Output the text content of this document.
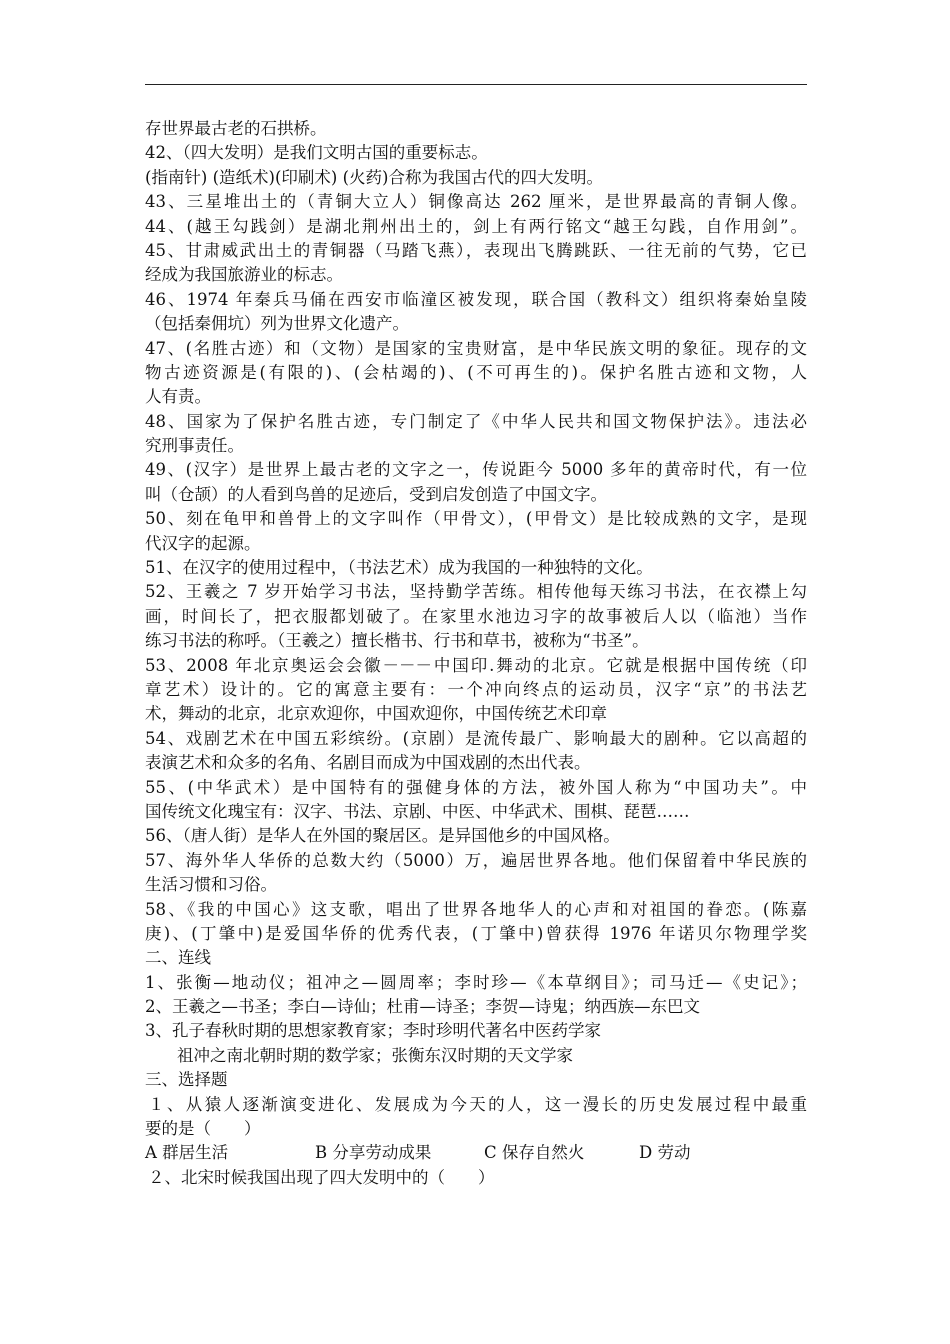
存世界最古老的石拱桥。
42、（四大发明）是我们文明古国的重要标志。
(指南针) (造纸术)(印刷术) (火药)合称为我国古代的四大发明。
43、三星堆出土的（青铜大立人）铜像高达 262 厘米，是世界最高的青铜人像。
44、(越王勾践剑）是湖北荆州出土的，剑上有两行铭文“越王勾践，自作用剑”。
45、甘肃威武出土的青铜器（马踏飞燕），表现出飞腾跳跃、一往无前的气势，它已
经成为我国旅游业的标志。
46、1974 年秦兵马俑在西安市临潼区被发现，联合国（教科文）组织将秦始皇陵
（包括秦佣坑）列为世界文化遗产。
47、(名胜古迹）和（文物）是国家的宝贵财富，是中华民族文明的象征。现存的文
物古迹资源是(有限的)、(会枯竭的)、(不可再生的)。保护名胜古迹和文物，人
人有责。
48、国家为了保护名胜古迹，专门制定了《中华人民共和国文物保护法》。违法必
究刑事责任。
49、(汉字）是世界上最古老的文字之一，传说距今 5000 多年的黄帝时代，有一位
叫（仓颉）的人看到鸟兽的足迹后，受到启发创造了中国文字。
50、刻在龟甲和兽骨上的文字叫作（甲骨文），(甲骨文）是比较成熟的文字，是现
代汉字的起源。
51、在汉字的使用过程中，（书法艺术）成为我国的一种独特的文化。
52、王羲之 7 岁开始学习书法，坚持勤学苦练。相传他每天练习书法，在衣襟上勾
画，时间长了，把衣服都划破了。在家里水池边习字的故事被后人以（临池）当作
练习书法的称呼。（王羲之）擅长楷书、行书和草书，被称为“书圣”。
53、2008 年北京奥运会会徽－－－中国印.舞动的北京。它就是根据中国传统（印
章艺术）设计的。它的寓意主要有：一个冲向终点的运动员，汉字“京”的书法艺
术，舞动的北京，北京欢迎你，中国欢迎你，中国传统艺术印章
54、戏剧艺术在中国五彩缤纷。(京剧）是流传最广、影响最大的剧种。它以高超的
表演艺术和众多的名角、名剧目而成为中国戏剧的杰出代表。
55、(中华武术）是中国特有的强健身体的方法，被外国人称为“中国功夫”。中
国传统文化瑰宝有：汉字、书法、京剧、中医、中华武术、围棋、琵琶……
56、（唐人街）是华人在外国的聚居区。是异国他乡的中国风格。
57、海外华人华侨的总数大约（5000）万，遍居世界各地。他们保留着中华民族的
生活习惯和习俗。
58、《我的中国心》这支歌，唱出了世界各地华人的心声和对祖国的眷恋。(陈嘉
庚)、(丁肇中)是爱国华侨的优秀代表，(丁肇中)曾获得 1976 年诺贝尔物理学奖
二、连线
1、张衡—地动仪；祖冲之—圆周率；李时珍—《本草纲目》；司马迁—《史记》；
2、王羲之—书圣；李白—诗仙；杜甫—诗圣；李贺—诗鬼；纳西族—东巴文
3、孔子春秋时期的思想家教育家；李时珍明代著名中医药学家
祖冲之南北朝时期的数学家；张衡东汉时期的天文学家
三、选择题
１、从猿人逐渐演变进化、发展成为今天的人，这一漫长的历史发展过程中最重
要的是（　　）
A 群居生活	B 分享劳动成果	C 保存自然火	D 劳动
２、北宋时候我国出现了四大发明中的（　　）
